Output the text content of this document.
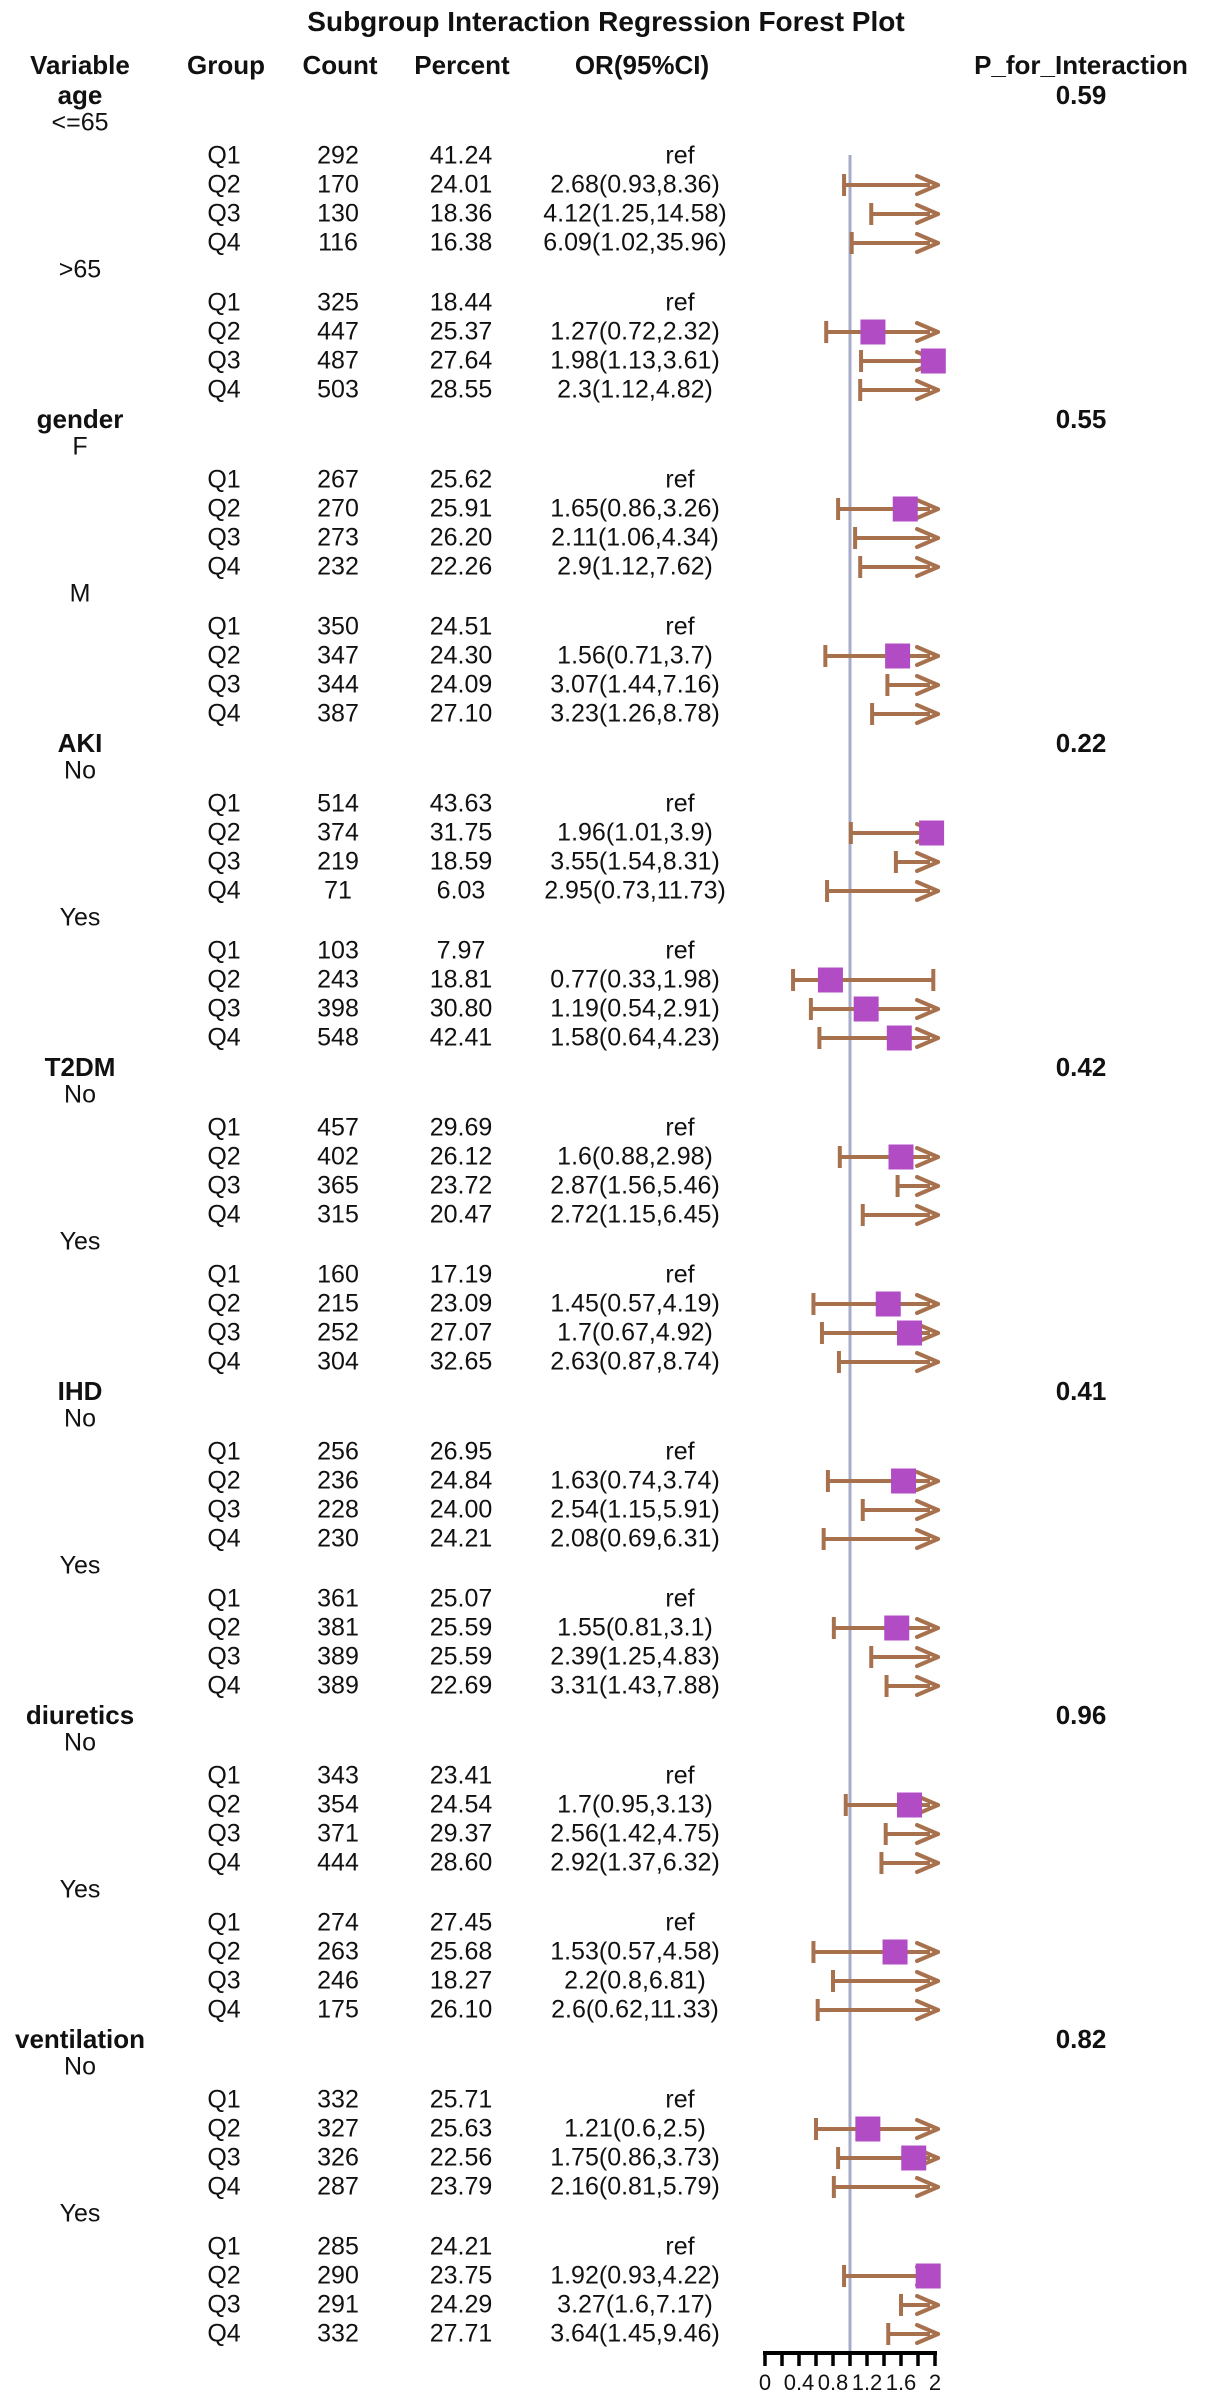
Subgroup Interaction Regression Forest Plot
Variable Group Count Percent	OR(95%CI)	P_for_Interaction
age	0.59
<=65
Q1	292	41.24	ref
Q2	170	24.01 2.68(0.93,8.36)
Q3	130	18.36 4.12(1.25,14.58)
Q4	116	16.38 6.09(1.02,35.96)
>65
Q1	325	18.44	ref
Q2	447	25.37 1.27(0.72,2.32)
Q3	487	27.64 1.98(1.13,3.61)
Q4	503	28.55	2.3(1.12,4.82)
gender	0.55
F
Q1	267	25.62	ref
Q2	270	25.91 1.65(0.86,3.26)
Q3	273	26.20 2.11(1.06,4.34)
Q4	232	22.26	2.9(1.12,7.62)
M
Q1	350	24.51	ref
Q2	347	24.30	1.56(0.71,3.7)
Q3	344	24.09 3.07(1.44,7.16)
Q4	387	27.10 3.23(1.26,8.78)
AKI	0.22
No
Q1	514	43.63	ref
Q2	374	31.75	1.96(1.01,3.9)
Q3	219	18.59 3.55(1.54,8.31)
Q4	71	6.03 2.95(0.73,11.73)
Yes
Q1	103	7.97	ref
Q2	243	18.81 0.77(0.33,1.98)
Q3	398	30.80 1.19(0.54,2.91)
Q4	548	42.41 1.58(0.64,4.23)
T2DM	0.42
No
Q1	457	29.69	ref
Q2	402	26.12	1.6(0.88,2.98)
Q3	365	23.72 2.87(1.56,5.46)
Q4	315	20.47 2.72(1.15,6.45)
Yes
Q1	160	17.19	ref
Q2	215	23.09 1.45(0.57,4.19)
Q3	252	27.07	1.7(0.67,4.92)
Q4	304	32.65 2.63(0.87,8.74)
IHD	0.41
No
Q1	256	26.95	ref
Q2	236	24.84 1.63(0.74,3.74)
Q3	228	24.00 2.54(1.15,5.91)
Q4	230	24.21 2.08(0.69,6.31)
Yes
Q1	361	25.07	ref
Q2	381	25.59	1.55(0.81,3.1)
Q3	389	25.59 2.39(1.25,4.83)
Q4	389	22.69 3.31(1.43,7.88)
diuretics	0.96
No
Q1	343	23.41	ref
Q2	354	24.54	1.7(0.95,3.13)
Q3	371	29.37 2.56(1.42,4.75)
Q4	444	28.60 2.92(1.37,6.32)
Yes
Q1	274	27.45	ref
Q2	263	25.68 1.53(0.57,4.58)
Q3	246	18.27	2.2(0.8,6.81)
Q4	175	26.10 2.6(0.62,11.33)
ventilation	0.82
No
Q1	332	25.71	ref
Q2	327	25.63	1.21(0.6,2.5)
Q3	326	22.56 1.75(0.86,3.73)
Q4	287	23.79 2.16(0.81,5.79)
Yes
Q1	285	24.21	ref
Q2	290	23.75 1.92(0.93,4.22)
Q3	291	24.29	3.27(1.6,7.17)
Q4	332	27.71 3.64(1.45,9.46)
0 0.4 0.8 1.2 1.6 2
